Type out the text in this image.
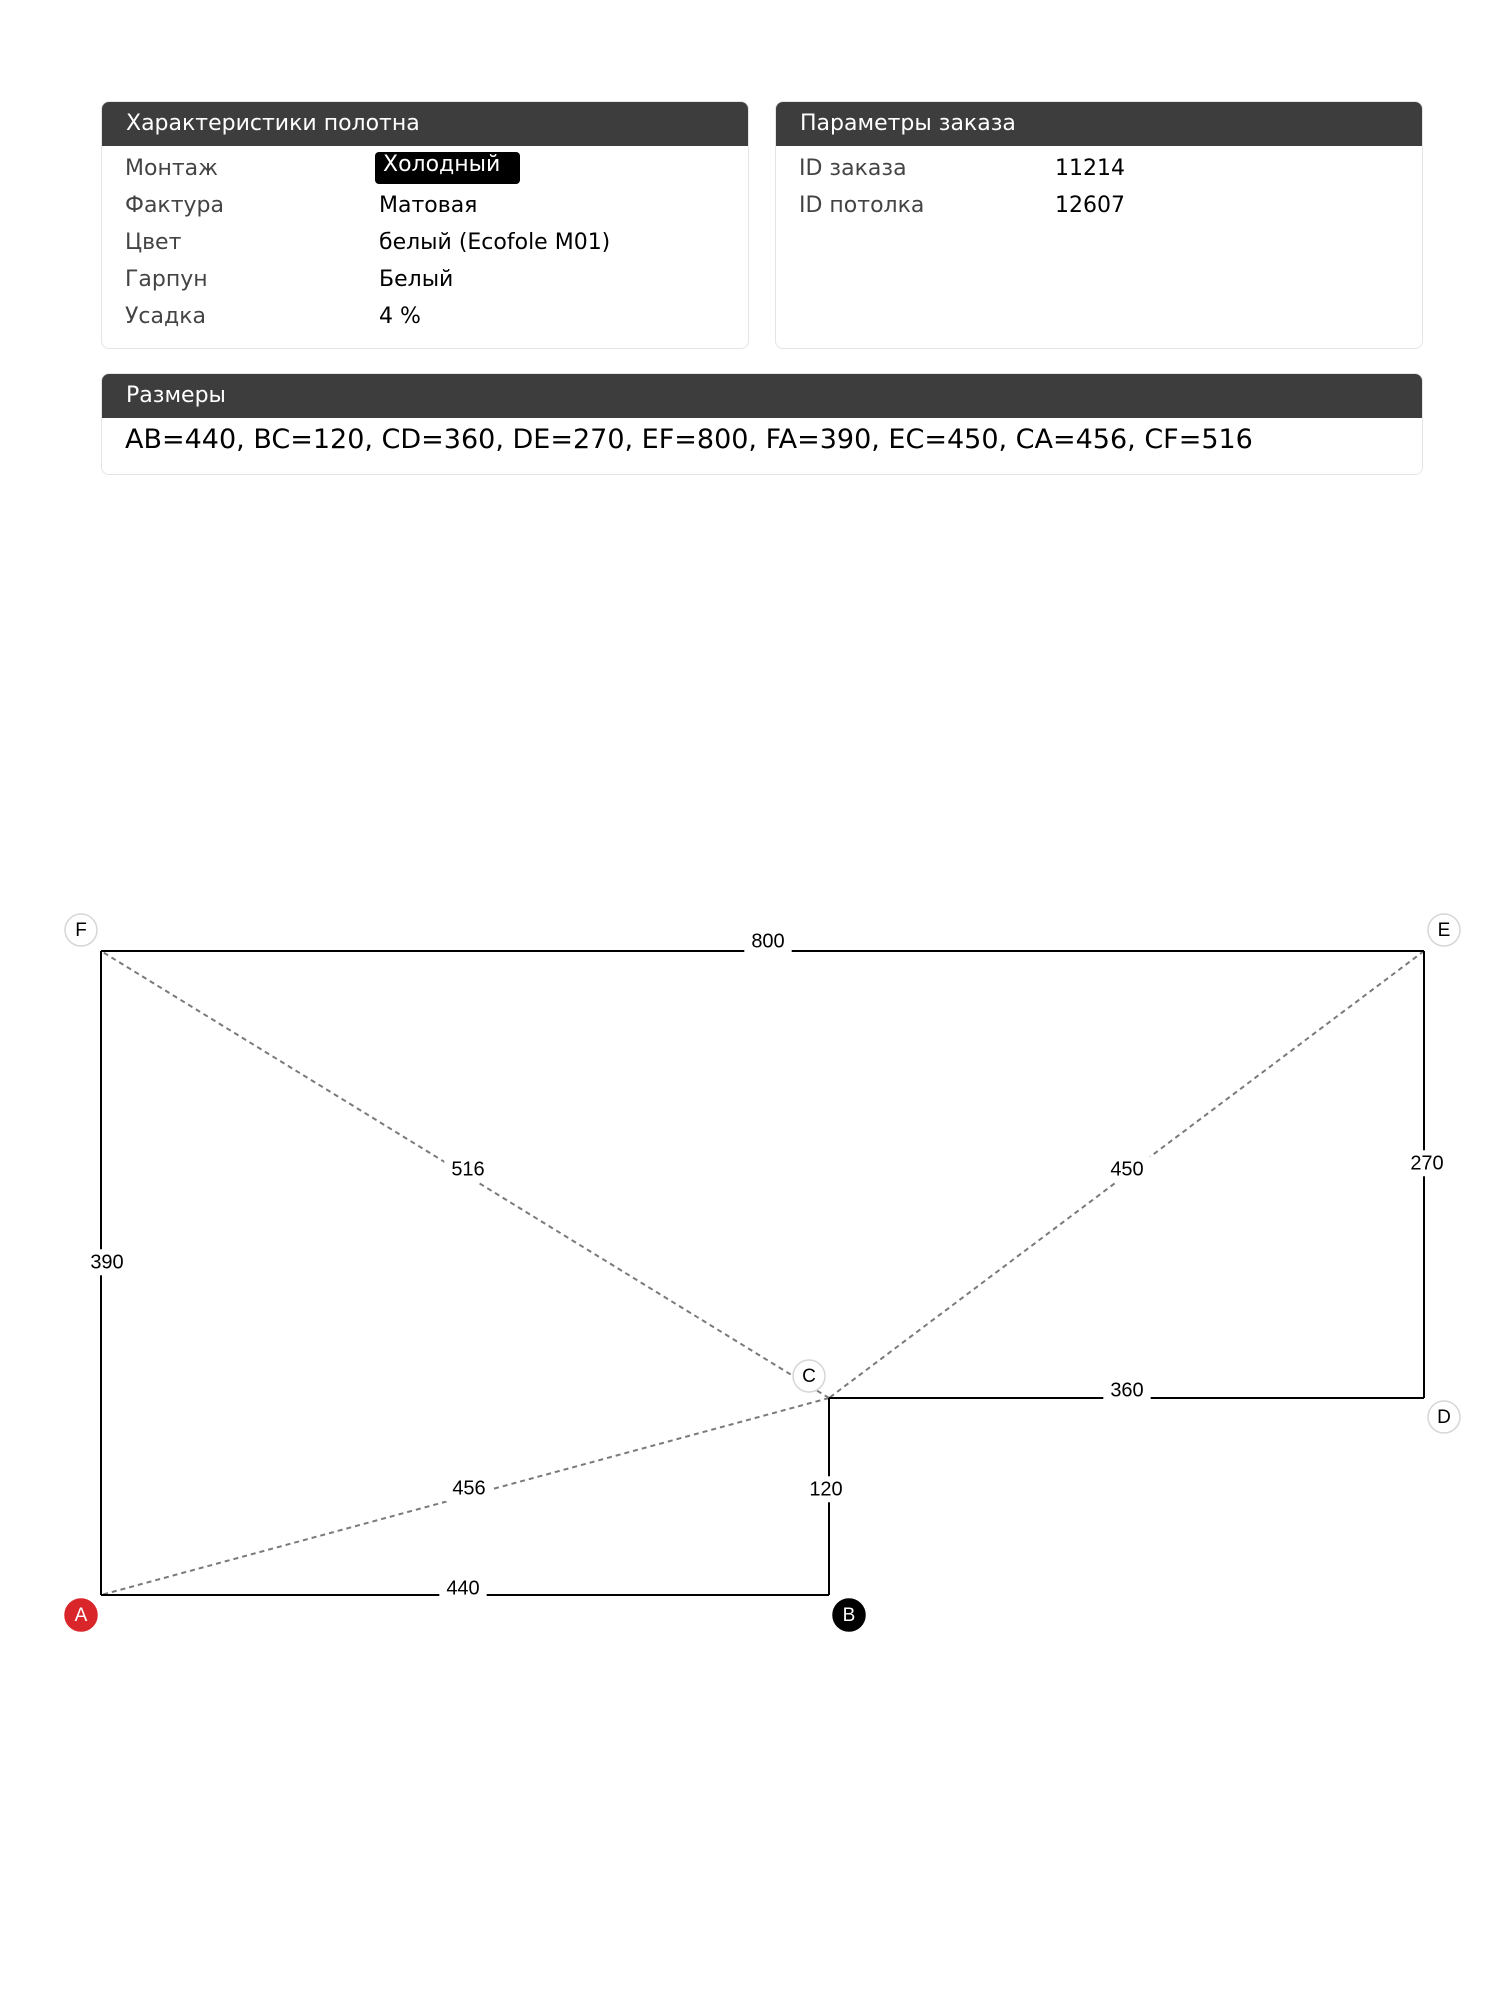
Характеристики полотна
Монтаж	Холодный
Фактура	Матовая
Цвет	белый (Ecofole M01)
Гарпун	Белый
Усадка	4 %
Параметры заказа
ID заказа	11214
ID потолка	12607
Размеры
AB=440, BC=120, CD=360, DE=270, EF=800, FA=390, EC=450, CA=456, CF=516
516	450
456
440
120
360
270
800
390
A	B
C
D
E
F
